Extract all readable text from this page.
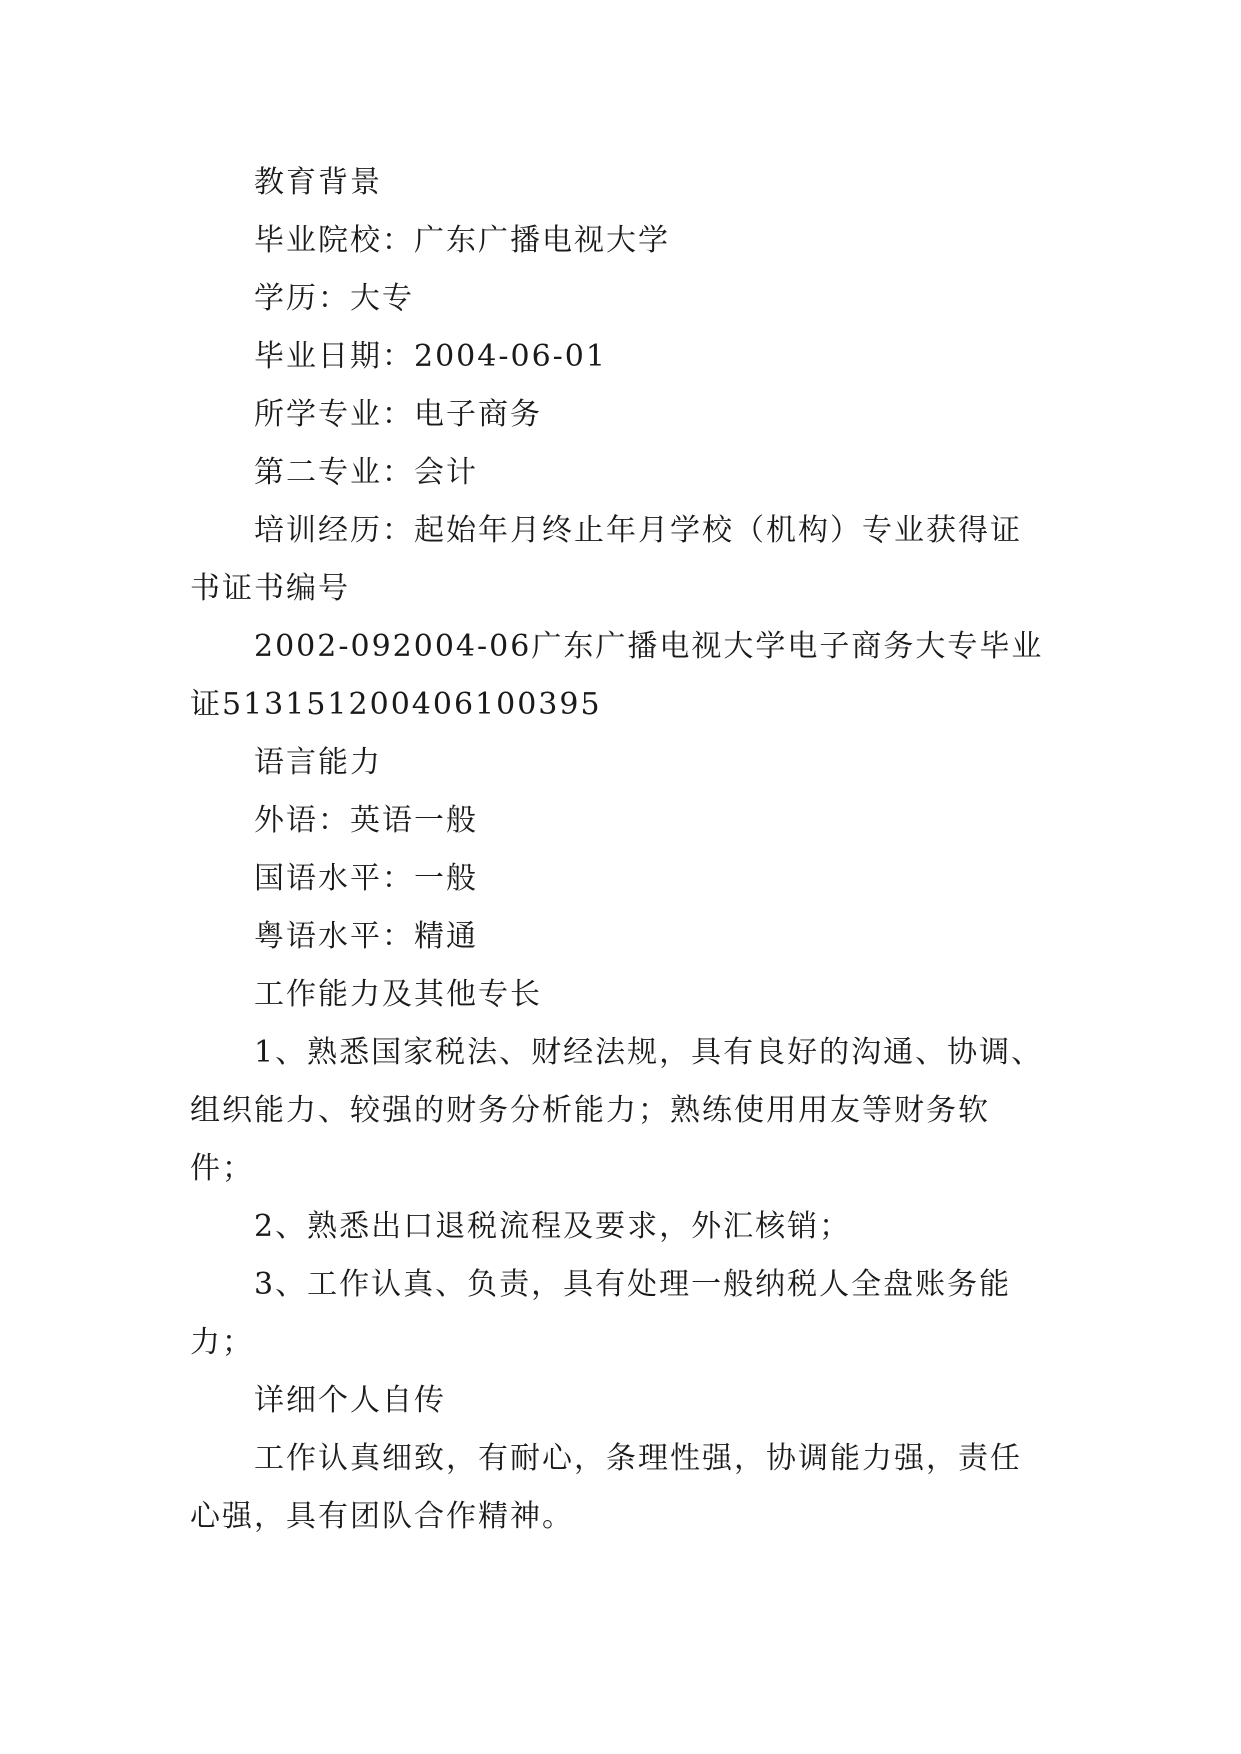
教育背景

毕业院校：广东广播电视大学

学历：大专

毕业日期：2004-06-01

所学专业：电子商务

第二专业：会计

培训经历：起始年月终止年月学校（机构）专业获得证书证书编号

2002-092004-06广东广播电视大学电子商务大专毕业证513151200406100395

语言能力

外语：英语一般

国语水平：一般

粤语水平：精通

工作能力及其他专长

1、熟悉国家税法、财经法规，具有良好的沟通、协调、组织能力、较强的财务分析能力；熟练使用用友等财务软件；

2、熟悉出口退税流程及要求，外汇核销；

3、工作认真、负责，具有处理一般纳税人全盘账务能力；

详细个人自传

工作认真细致，有耐心，条理性强，协调能力强，责任心强，具有团队合作精神。
